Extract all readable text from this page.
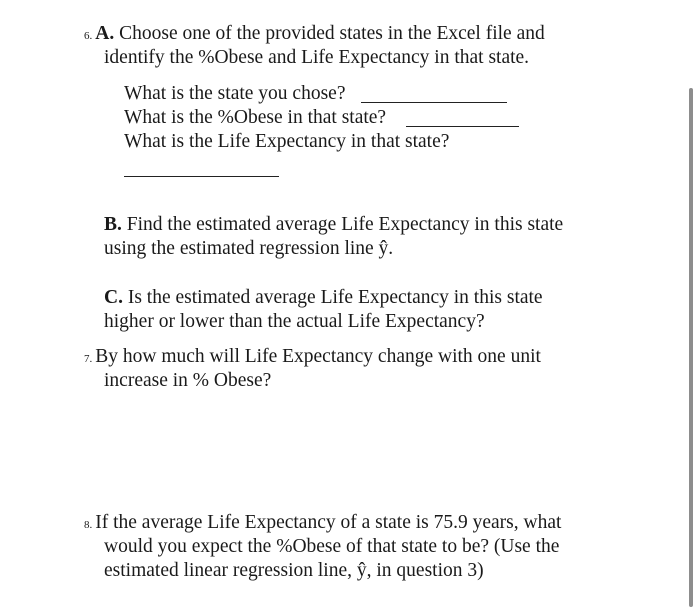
6. A. Choose one of the provided states in the Excel file and
identify the %Obese and Life Expectancy in that state.
What is the state you chose?
What is the %Obese in that state?
What is the Life Expectancy in that state?
B. Find the estimated average Life Expectancy in this state
using the estimated regression line ŷ.
C. Is the estimated average Life Expectancy in this state
higher or lower than the actual Life Expectancy?
7. By how much will Life Expectancy change with one unit
increase in % Obese?
8. If the average Life Expectancy of a state is 75.9 years, what
would you expect the %Obese of that state to be? (Use the
estimated linear regression line, ŷ, in question 3)
